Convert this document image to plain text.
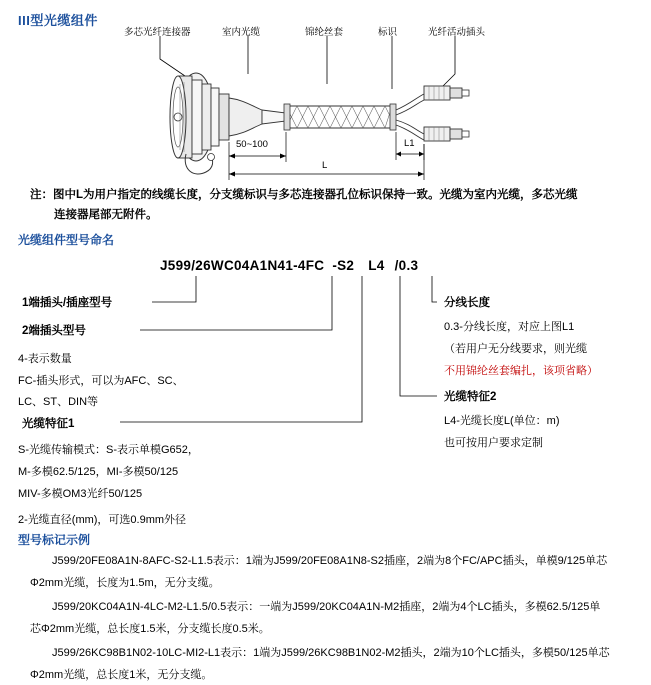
III型光缆组件
多芯光纤连接器	室内光缆	锦纶丝套	标识	光纤活动插头
50~100
L
L1
注：图中L为用户指定的线缆长度，分支缆标识与多芯连接器孔位标识保持一致。光缆为室内光缆，多芯光缆
连接器尾部无附件。
光缆组件型号命名
J599/26WC04A1N41-4FC -S2 L4 /0.3
1端插头/插座型号
2端插头型号
4-表示数量
FC-插头形式，可以为AFC、SC、
LC、ST、DIN等
光缆特征1
S-光缆传输模式：S-表示单模G652，
M-多模62.5/125，MI-多模50/125
MIV-多模OM3光纤50/125
2-光缆直径(mm)，可选0.9mm外径
分线长度
0.3-分线长度，对应上图L1
（若用户无分线要求，则光缆
不用锦纶丝套编扎，该项省略）
光缆特征2
L4-光缆长度L(单位：m)
也可按用户要求定制
型号标记示例
J599/20FE08A1N-8AFC-S2-L1.5表示：1端为J599/20FE08A1N8-S2插座，2端为8个FC/APC插头，单模9/125单芯
Φ2mm光缆，长度为1.5m，无分支缆。
J599/20KC04A1N-4LC-M2-L1.5/0.5表示：一端为J599/20KC04A1N-M2插座，2端为4个LC插头，多模62.5/125单
芯Φ2mm光缆，总长度1.5米，分支缆长度0.5米。
J599/26KC98B1N02-10LC-MI2-L1表示：1端为J599/26KC98B1N02-M2插头，2端为10个LC插头，多模50/125单芯
Φ2mm光缆，总长度1米，无分支缆。
